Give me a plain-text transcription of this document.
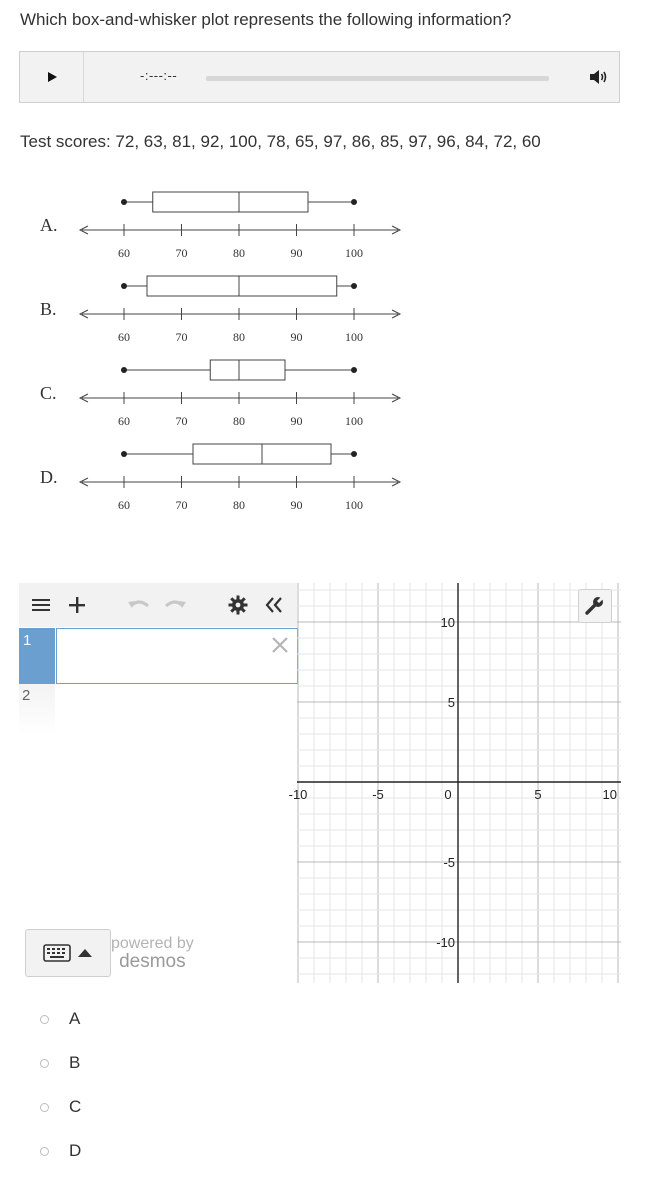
Which box-and-whisker plot represents the following information?
-:---:--
Test scores: 72, 63, 81, 92, 100, 78, 65, 97, 86, 85, 97, 96, 84, 72, 60
A.
60	70	80	90	100
B.
60	70	80	90	100
C.
60	70	80	90	100
D.
60	70	80	90	100
1
2
powered by
desmos
-10	-5	0	5	10
10
5
-5
-10
A
B
C
D
